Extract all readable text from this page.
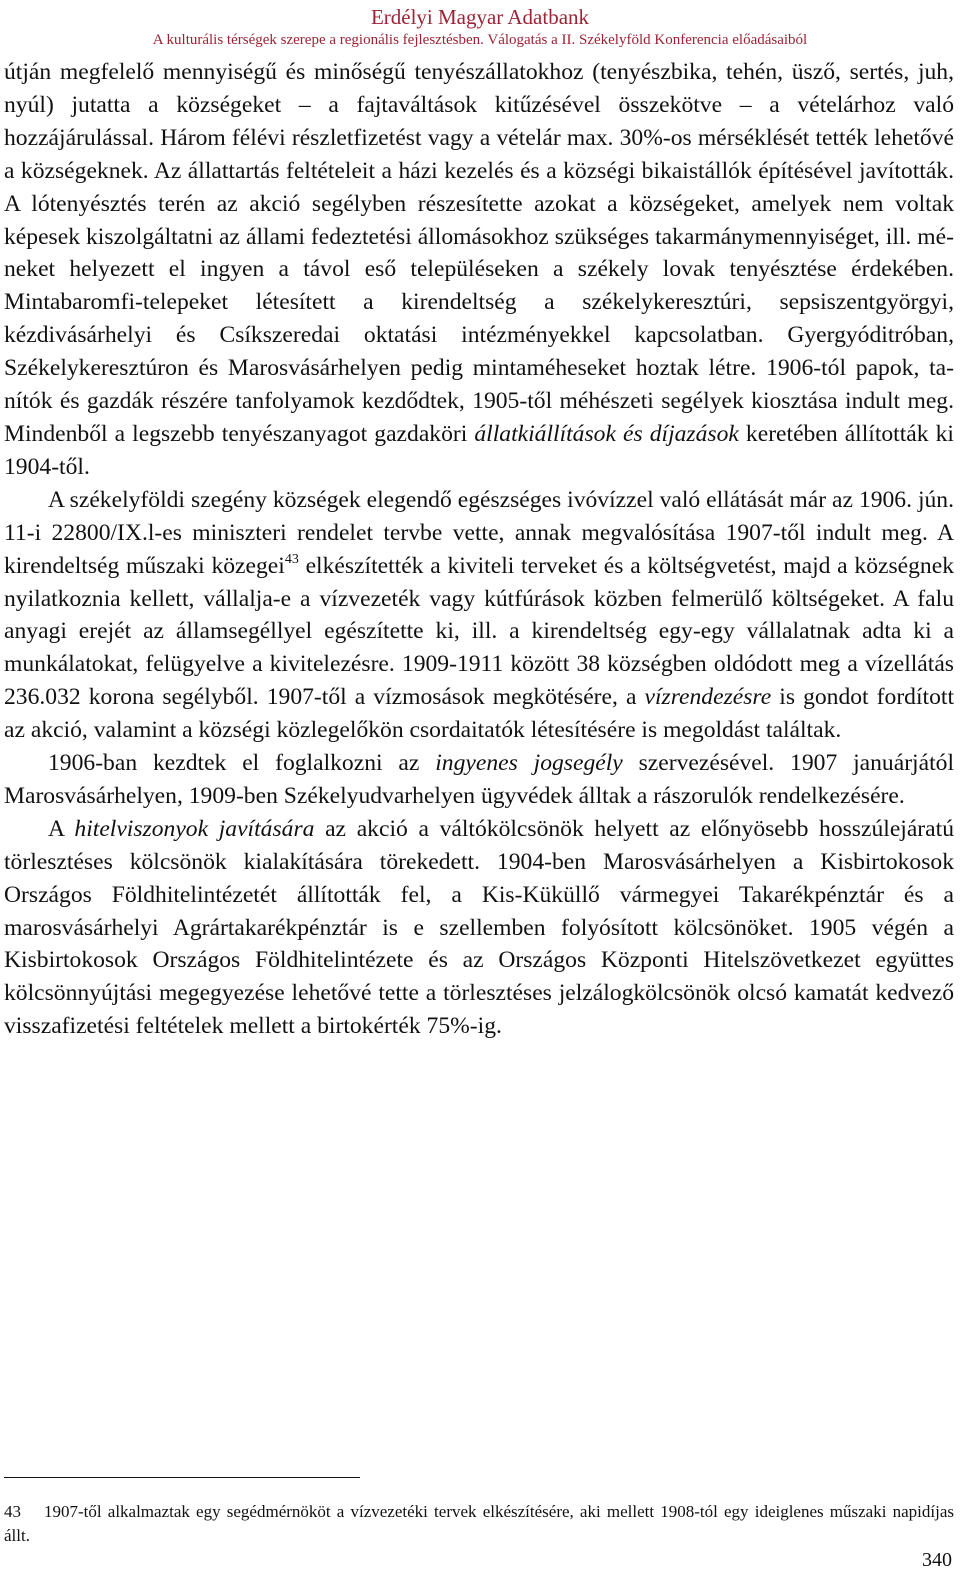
Erdélyi Magyar Adatbank
A kulturális térségek szerepe a regionális fejlesztésben. Válogatás a II. Székelyföld Konferencia előadásaiból

útján megfelelő mennyiségű és minőségű tenyészállatokhoz (tenyészbika, tehén, üsző, sertés, juh, nyúl) jutatta a községeket – a fajtaváltások kitűzésével összekötve – a vételárhoz való hozzájárulással. Három félévi részletfizetést vagy a vételár max. 30%-os mérséklését tették lehetővé a községeknek. Az állattartás feltételeit a házi kezelés és a községi bikaistállók építésével javították. A lótenyésztés terén az akció segélyben részesítette azokat a községeket, amelyek nem voltak képesek kiszolgáltatni az állami fedeztetési állomásokhoz szükséges takarmánymennyiséget, ill. méneket helyezett el ingyen a távol eső településeken a székely lovak tenyésztése érdekében. Mintabaromfi-telepeket létesített a kirendeltség a székelykeresztúri, sepsiszentgyörgyi, kézdivásárhelyi és Csíkszeredai oktatási intézményekkel kapcsolatban. Gyergyóditróban, Székelykeresztúron és Marosvásárhelyen pedig mintaméheseket hoztak létre. 1906-tól papok, tanítók és gazdák részére tanfolyamok kezdődtek, 1905-től méhészeti segélyek kiosztása indult meg. Mindenből a legszebb tenyészanyagot gazdaköri állatkiállítások és díjazások keretében állították ki 1904-től.

A székelyföldi szegény községek elegendő egészséges ivóvízzel való ellátását már az 1906. jún. 11-i 22800/IX.l-es miniszteri rendelet tervbe vette, annak megvalósítása 1907-től indult meg. A kirendeltség műszaki közegei$^{43}$ elkészítették a kiviteli terveket és a költségvetést, majd a községnek nyilatkoznia kellett, vállalja-e a vízvezeték vagy kútfúrások közben felmerülő költségeket. A falu anyagi erejét az államsegéllyel egészítette ki, ill. a kirendeltség egy-egy vállalatnak adta ki a munkálatokat, felügyelve a kivitelezésre. 1909-1911 között 38 községben oldódott meg a vízellátás 236.032 korona segélyből. 1907-től a vízmosások megkötésére, a vízrendezésre is gondot fordított az akció, valamint a községi közlegelőkön csordaitatók létesítésére is megoldást találtak.

1906-ban kezdtek el foglalkozni az ingyenes jogsegély szervezésével. 1907 januárjától Marosvásárhelyen, 1909-ben Székelyudvarhelyen ügyvédek álltak a rászorulók rendelkezésére.

A hitelviszonyok javítására az akció a váltókölcsönök helyett az előnyösebb hosszúlejáratú törlesztéses kölcsönök kialakítására törekedett. 1904-ben Marosvásárhelyen a Kisbirtokosok Országos Földhitelintézetét állították fel, a Kis-Küküllő vármegyei Takarékpénztár és a marosvásárhelyi Agrártakarékpénztár is e szellemben folyósított kölcsönöket. 1905 végén a Kisbirtokosok Országos Földhitelintézete és az Országos Központi Hitelszövetkezet együttes kölcsönnyújtási megegyezése lehetővé tette a törlesztéses jelzálogkölcsönök olcsó kamatát kedvező visszafizetési feltételek mellett a birtokérték 75%-ig.

43 1907-től alkalmaztak egy segédmérnököt a vízvezetéki tervek elkészítésére, aki mellett 1908-tól egy ideiglenes műszaki napidíjas állt.

340
